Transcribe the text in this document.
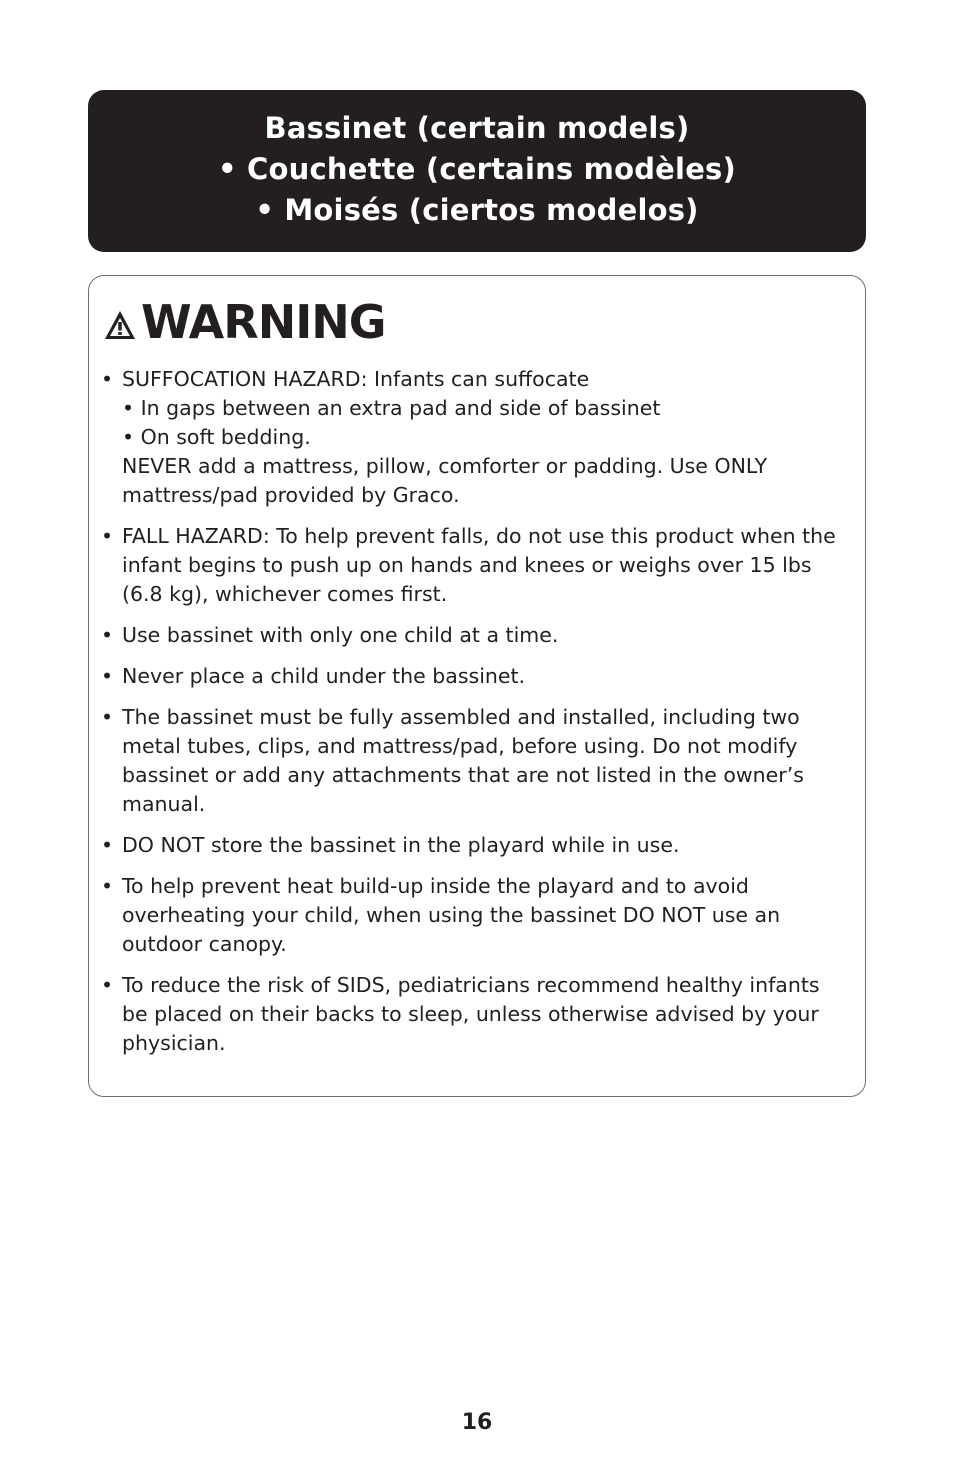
Bassinet (certain models)
• Couchette (certains modèles)
• Moisés (ciertos modelos)
WARNING
• SUFFOCATION HAZARD: Infants can suffocate
• In gaps between an extra pad and side of bassinet
• On soft bedding.
NEVER add a mattress, pillow, comforter or padding. Use ONLY mattress/pad provided by Graco.
• FALL HAZARD: To help prevent falls, do not use this product when the infant begins to push up on hands and knees or weighs over 15 lbs (6.8 kg), whichever comes first.
• Use bassinet with only one child at a time.
• Never place a child under the bassinet.
• The bassinet must be fully assembled and installed, including two metal tubes, clips, and mattress/pad, before using. Do not modify bassinet or add any attachments that are not listed in the owner’s manual.
• DO NOT store the bassinet in the playard while in use.
• To help prevent heat build-up inside the playard and to avoid overheating your child, when using the bassinet DO NOT use an outdoor canopy.
• To reduce the risk of SIDS, pediatricians recommend healthy infants be placed on their backs to sleep, unless otherwise advised by your physician.
16
